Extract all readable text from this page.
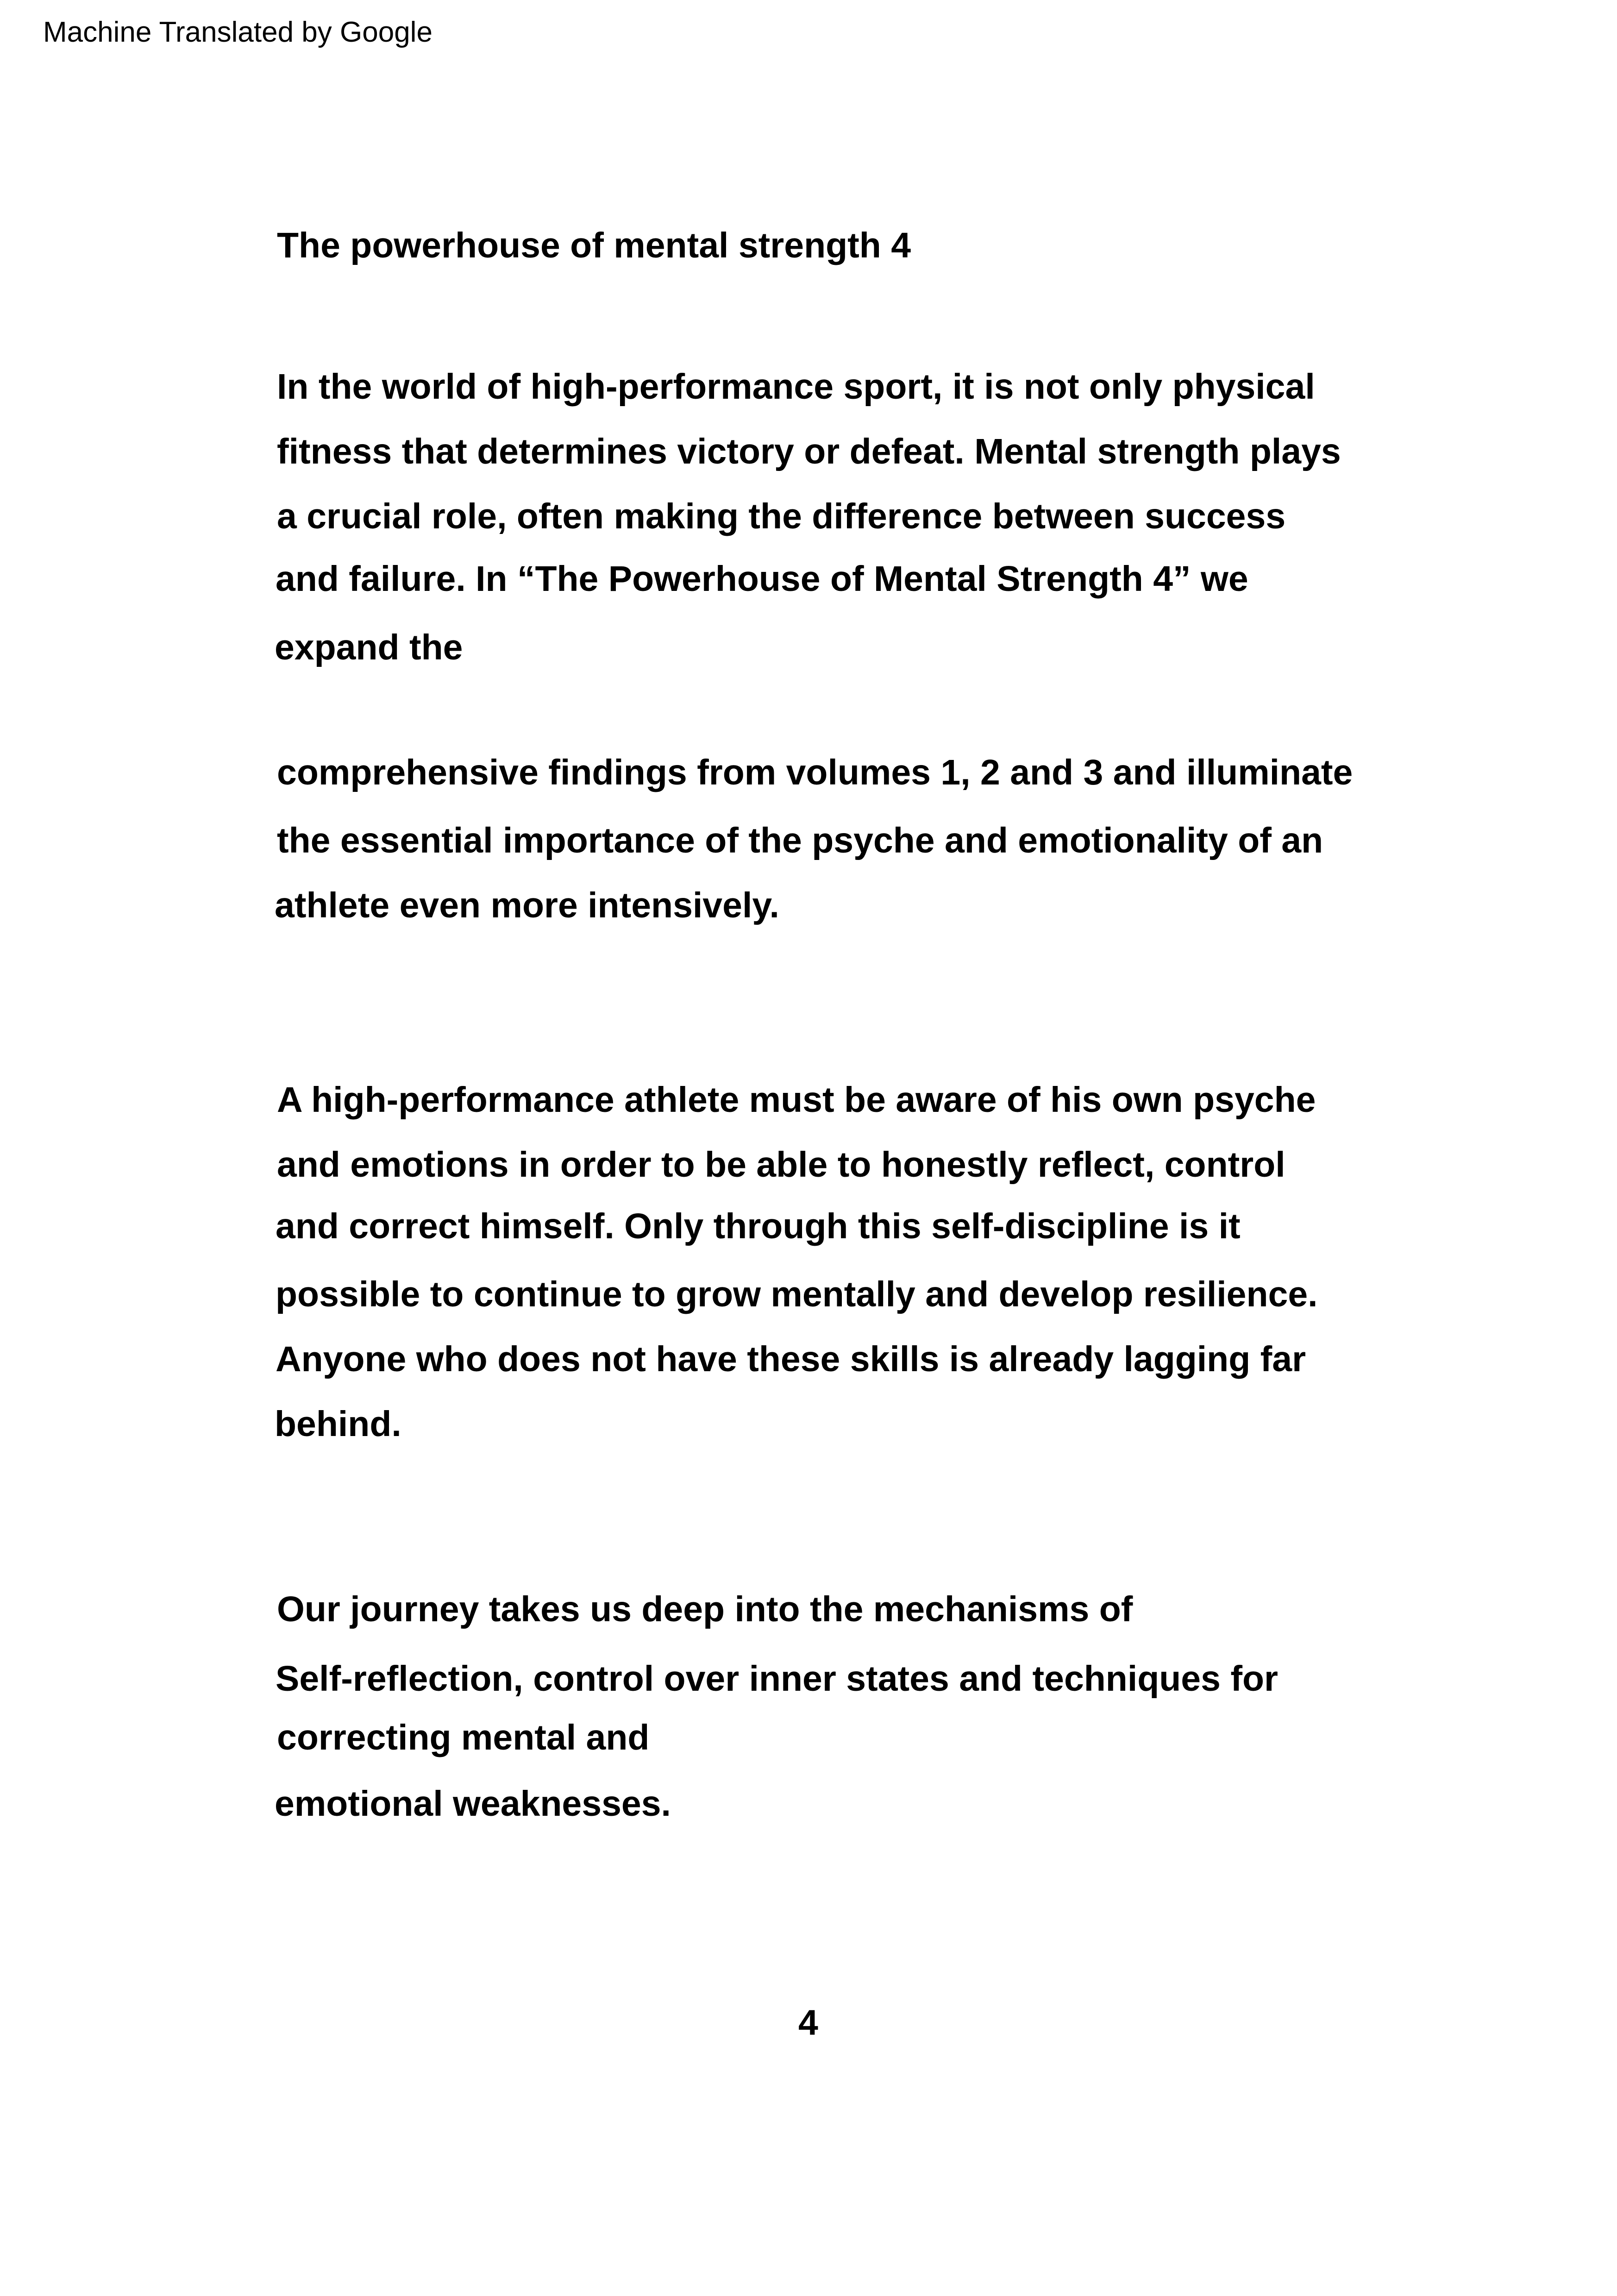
Machine Translated by Google
The powerhouse of mental strength 4
In the world of high-performance sport, it is not only physical
fitness that determines victory or defeat. Mental strength plays
a crucial role, often making the difference between success
and failure. In “The Powerhouse of Mental Strength 4” we
expand the
comprehensive findings from volumes 1, 2 and 3 and illuminate
the essential importance of the psyche and emotionality of an
athlete even more intensively.
A high-performance athlete must be aware of his own psyche
and emotions in order to be able to honestly reflect, control
and correct himself. Only through this self-discipline is it
possible to continue to grow mentally and develop resilience.
Anyone who does not have these skills is already lagging far
behind.
Our journey takes us deep into the mechanisms of
Self-reflection, control over inner states and techniques for
correcting mental and
emotional weaknesses.
4
